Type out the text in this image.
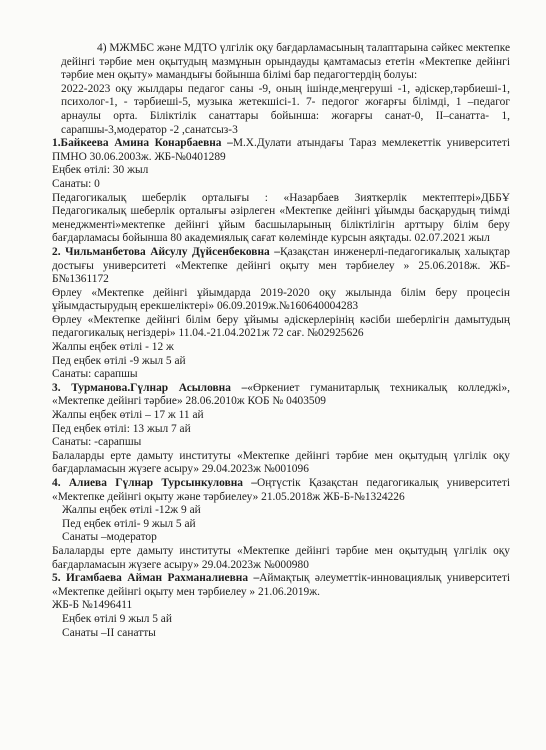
4) МЖМБС және МДТО үлгілік оқу бағдарламасының талаптарына сәйкес мектепке дейінгі тәрбие мен оқытудың мазмұнын орындауды қамтамасыз ететін «Мектепке дейінгі тәрбие мен оқыту» мамандығы бойынша білімі бар педагогтердің болуы:

2022-2023 оқу жылдары педагог саны -9, оның ішінде,меңгеруші -1, әдіскер,тәрбиеші-1, психолог-1, - тәрбиеші-5, музыка жетекшісі-1. 7- педогог жоғарғы білімді, 1 –педагог арнаулы орта. Біліктілік санаттары бойынша: жоғарғы санат-0, ІІ–санатта- 1, сарапшы-3,модератор -2 ,санатсыз-3

1.Байкеева Амина Конарбаевна –М.Х.Дулати атындағы Тараз мемлекеттік университеті ПМНО 30.06.2003ж. ЖБ-№0401289

Еңбек өтілі: 30 жыл

Санаты: 0

Педагогикалық шеберлік орталығы : «Назарбаев Зияткерлік мектептері»ДББҰ Педагогикалық шеберлік орталығы әзірлеген «Мектепке дейінгі ұйымды басқарудың тиімді менеджменті»мектепке дейінгі ұйым басшыларының біліктілігін арттыру білім беру бағдарламасы бойынша 80 академиялық сағат көлемінде курсын аяқтады. 02.07.2021 жыл

2. Чильманбетова Айсулу Дүйсенбековна –Қазақстан инженерлі-педагогикалық халықтар достығы университеті «Мектепке дейінгі оқыту мен тәрбиелеу » 25.06.2018ж. ЖБ-Б№1361172

Өрлеу «Мектепке дейінгі ұйымдарда 2019-2020 оқу жылында білім беру процесін ұйымдастырудың ерекшеліктері» 06.09.2019ж.№160640004283

Өрлеу «Мектепке дейінгі білім беру ұйымы әдіскерлерінің кәсіби шеберлігін дамытудың педагогикалық негіздері» 11.04.-21.04.2021ж 72 сағ. №02925626

Жалпы еңбек өтілі - 12 ж

Пед еңбек өтілі -9 жыл 5 ай

Санаты: сарапшы

3. Турманова.Гүлнар Асыловна –«Өркениет гуманитарлық техникалық колледжі», «Мектепке дейінгі тәрбие» 28.06.2010ж КОБ № 0403509

Жалпы еңбек өтілі – 17 ж 11 ай

Пед еңбек өтілі: 13 жыл 7 ай

Санаты: -сарапшы

Балаларды ерте дамыту институты «Мектепке дейінгі тәрбие мен оқытудың үлгілік оқу бағдарламасын жүзеге асыру» 29.04.2023ж №001096

4. Алиева Гүлнар Турсынкуловна –Оңтүстік Қазақстан педагогикалық университеті «Мектепке дейінгі оқыту және тәрбиелеу» 21.05.2018ж ЖБ-Б-№1324226

Жалпы еңбек өтілі -12ж 9 ай

Пед еңбек өтілі- 9 жыл 5 ай

Санаты –модератор

Балаларды ерте дамыту институты «Мектепке дейінгі тәрбие мен оқытудың үлгілік оқу бағдарламасын жүзеге асыру» 29.04.2023ж №000980

5. Игамбаева Айман Рахманалиевна –Аймақтық әлеуметтік-инновациялық университеті «Мектепке дейінгі оқыту мен тәрбиелеу » 21.06.2019ж.

ЖБ-Б №1496411

Еңбек өтілі 9 жыл 5 ай

Санаты –ІІ санатты
